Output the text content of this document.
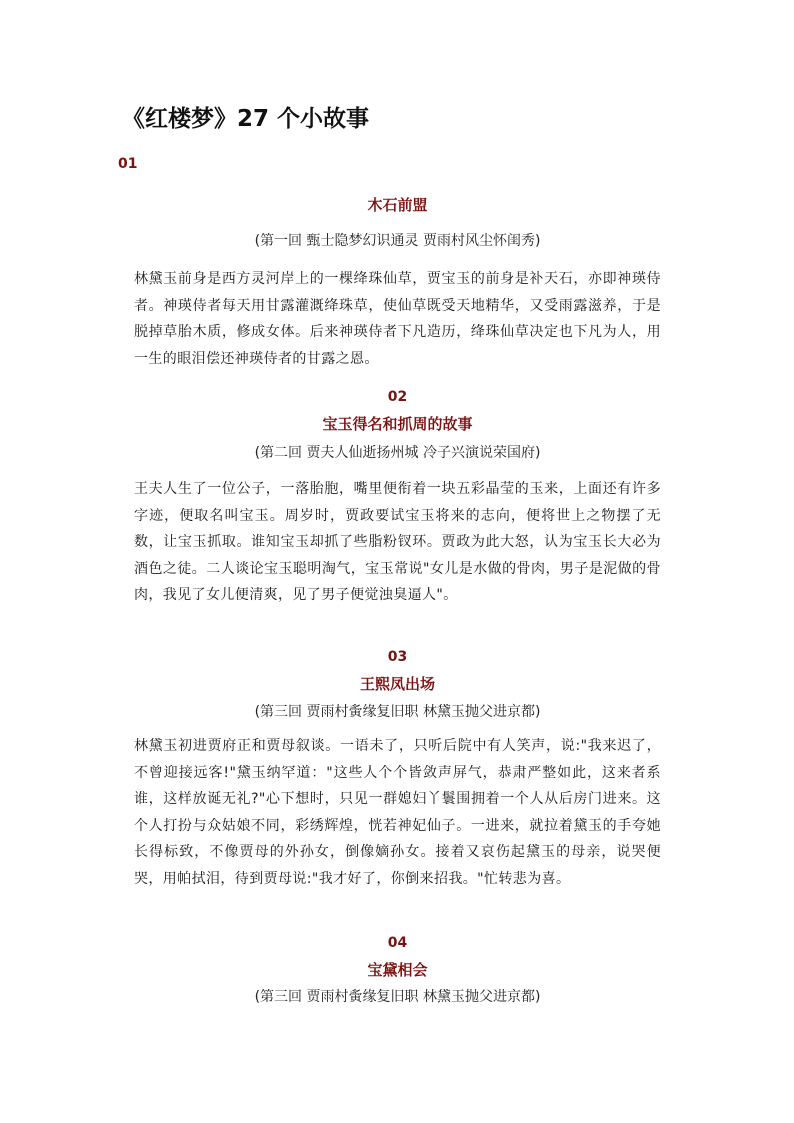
《红楼梦》27 个小故事
01
木石前盟
(第一回 甄士隐梦幻识通灵 贾雨村风尘怀闺秀)

林黛玉前身是西方灵河岸上的一棵绛珠仙草，贾宝玉的前身是补天石，亦即神瑛侍者。神瑛侍者每天用甘露灌溉绛珠草，使仙草既受天地精华，又受雨露滋养，于是脱掉草胎木质，修成女体。后来神瑛侍者下凡造历，绛珠仙草决定也下凡为人，用一生的眼泪偿还神瑛侍者的甘露之恩。

02
宝玉得名和抓周的故事
(第二回 贾夫人仙逝扬州城 冷子兴演说荣国府)

王夫人生了一位公子，一落胎胞，嘴里便衔着一块五彩晶莹的玉来，上面还有许多字迹，便取名叫宝玉。周岁时，贾政要试宝玉将来的志向，便将世上之物摆了无数，让宝玉抓取。谁知宝玉却抓了些脂粉钗环。贾政为此大怒，认为宝玉长大必为酒色之徒。二人谈论宝玉聪明淘气，宝玉常说"女儿是水做的骨肉，男子是泥做的骨肉，我见了女儿便清爽，见了男子便觉浊臭逼人"。

03
王熙凤出场
(第三回 贾雨村夤缘复旧职 林黛玉抛父进京都)

林黛玉初进贾府正和贾母叙谈。一语未了，只听后院中有人笑声，说:"我来迟了，不曾迎接远客!"黛玉纳罕道："这些人个个皆敛声屏气，恭肃严整如此，这来者系谁，这样放诞无礼?"心下想时，只见一群媳妇丫鬟围拥着一个人从后房门进来。这个人打扮与众姑娘不同，彩绣辉煌，恍若神妃仙子。一进来，就拉着黛玉的手夸她长得标致，不像贾母的外孙女，倒像嫡孙女。接着又哀伤起黛玉的母亲，说哭便哭，用帕拭泪，待到贾母说:"我才好了，你倒来招我。"忙转悲为喜。

04
宝黛相会
(第三回 贾雨村夤缘复旧职 林黛玉抛父进京都)
